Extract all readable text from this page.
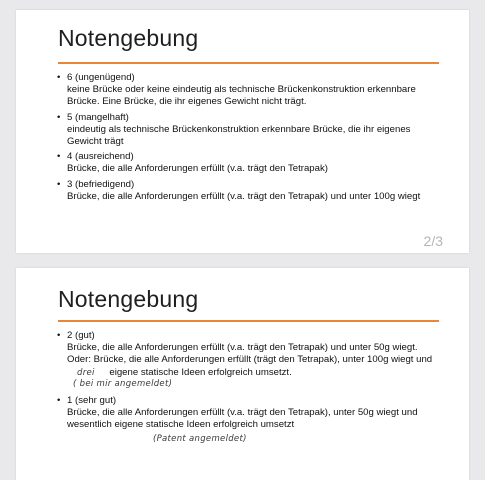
Notengebung
• 6 (ungenügend)
keine Brücke oder keine eindeutig als technische Brückenkonstruktion erkennbare Brücke. Eine Brücke, die ihr eigenes Gewicht nicht trägt.
• 5 (mangelhaft)
eindeutig als technische Brückenkonstruktion erkennbare Brücke, die ihr eigenes Gewicht trägt
• 4 (ausreichend)
Brücke, die alle Anforderungen erfüllt (v.a. trägt den Tetrapak)
• 3 (befriedigend)
Brücke, die alle Anforderungen erfüllt (v.a. trägt den Tetrapak) und unter 100g wiegt
2/3
Notengebung
• 2 (gut)
Brücke, die alle Anforderungen erfüllt (v.a. trägt den Tetrapak) und unter 50g wiegt. Oder: Brücke, die alle Anforderungen erfüllt (trägt den Tetrapak), unter 100g wiegt und drei eigene statische Ideen erfolgreich umsetzt.
( bei mir angemeldet)
• 1 (sehr gut)
Brücke, die alle Anforderungen erfüllt (v.a. trägt den Tetrapak), unter 50g wiegt und wesentlich eigene statische Ideen erfolgreich umsetzt
(Patent angemeldet)
